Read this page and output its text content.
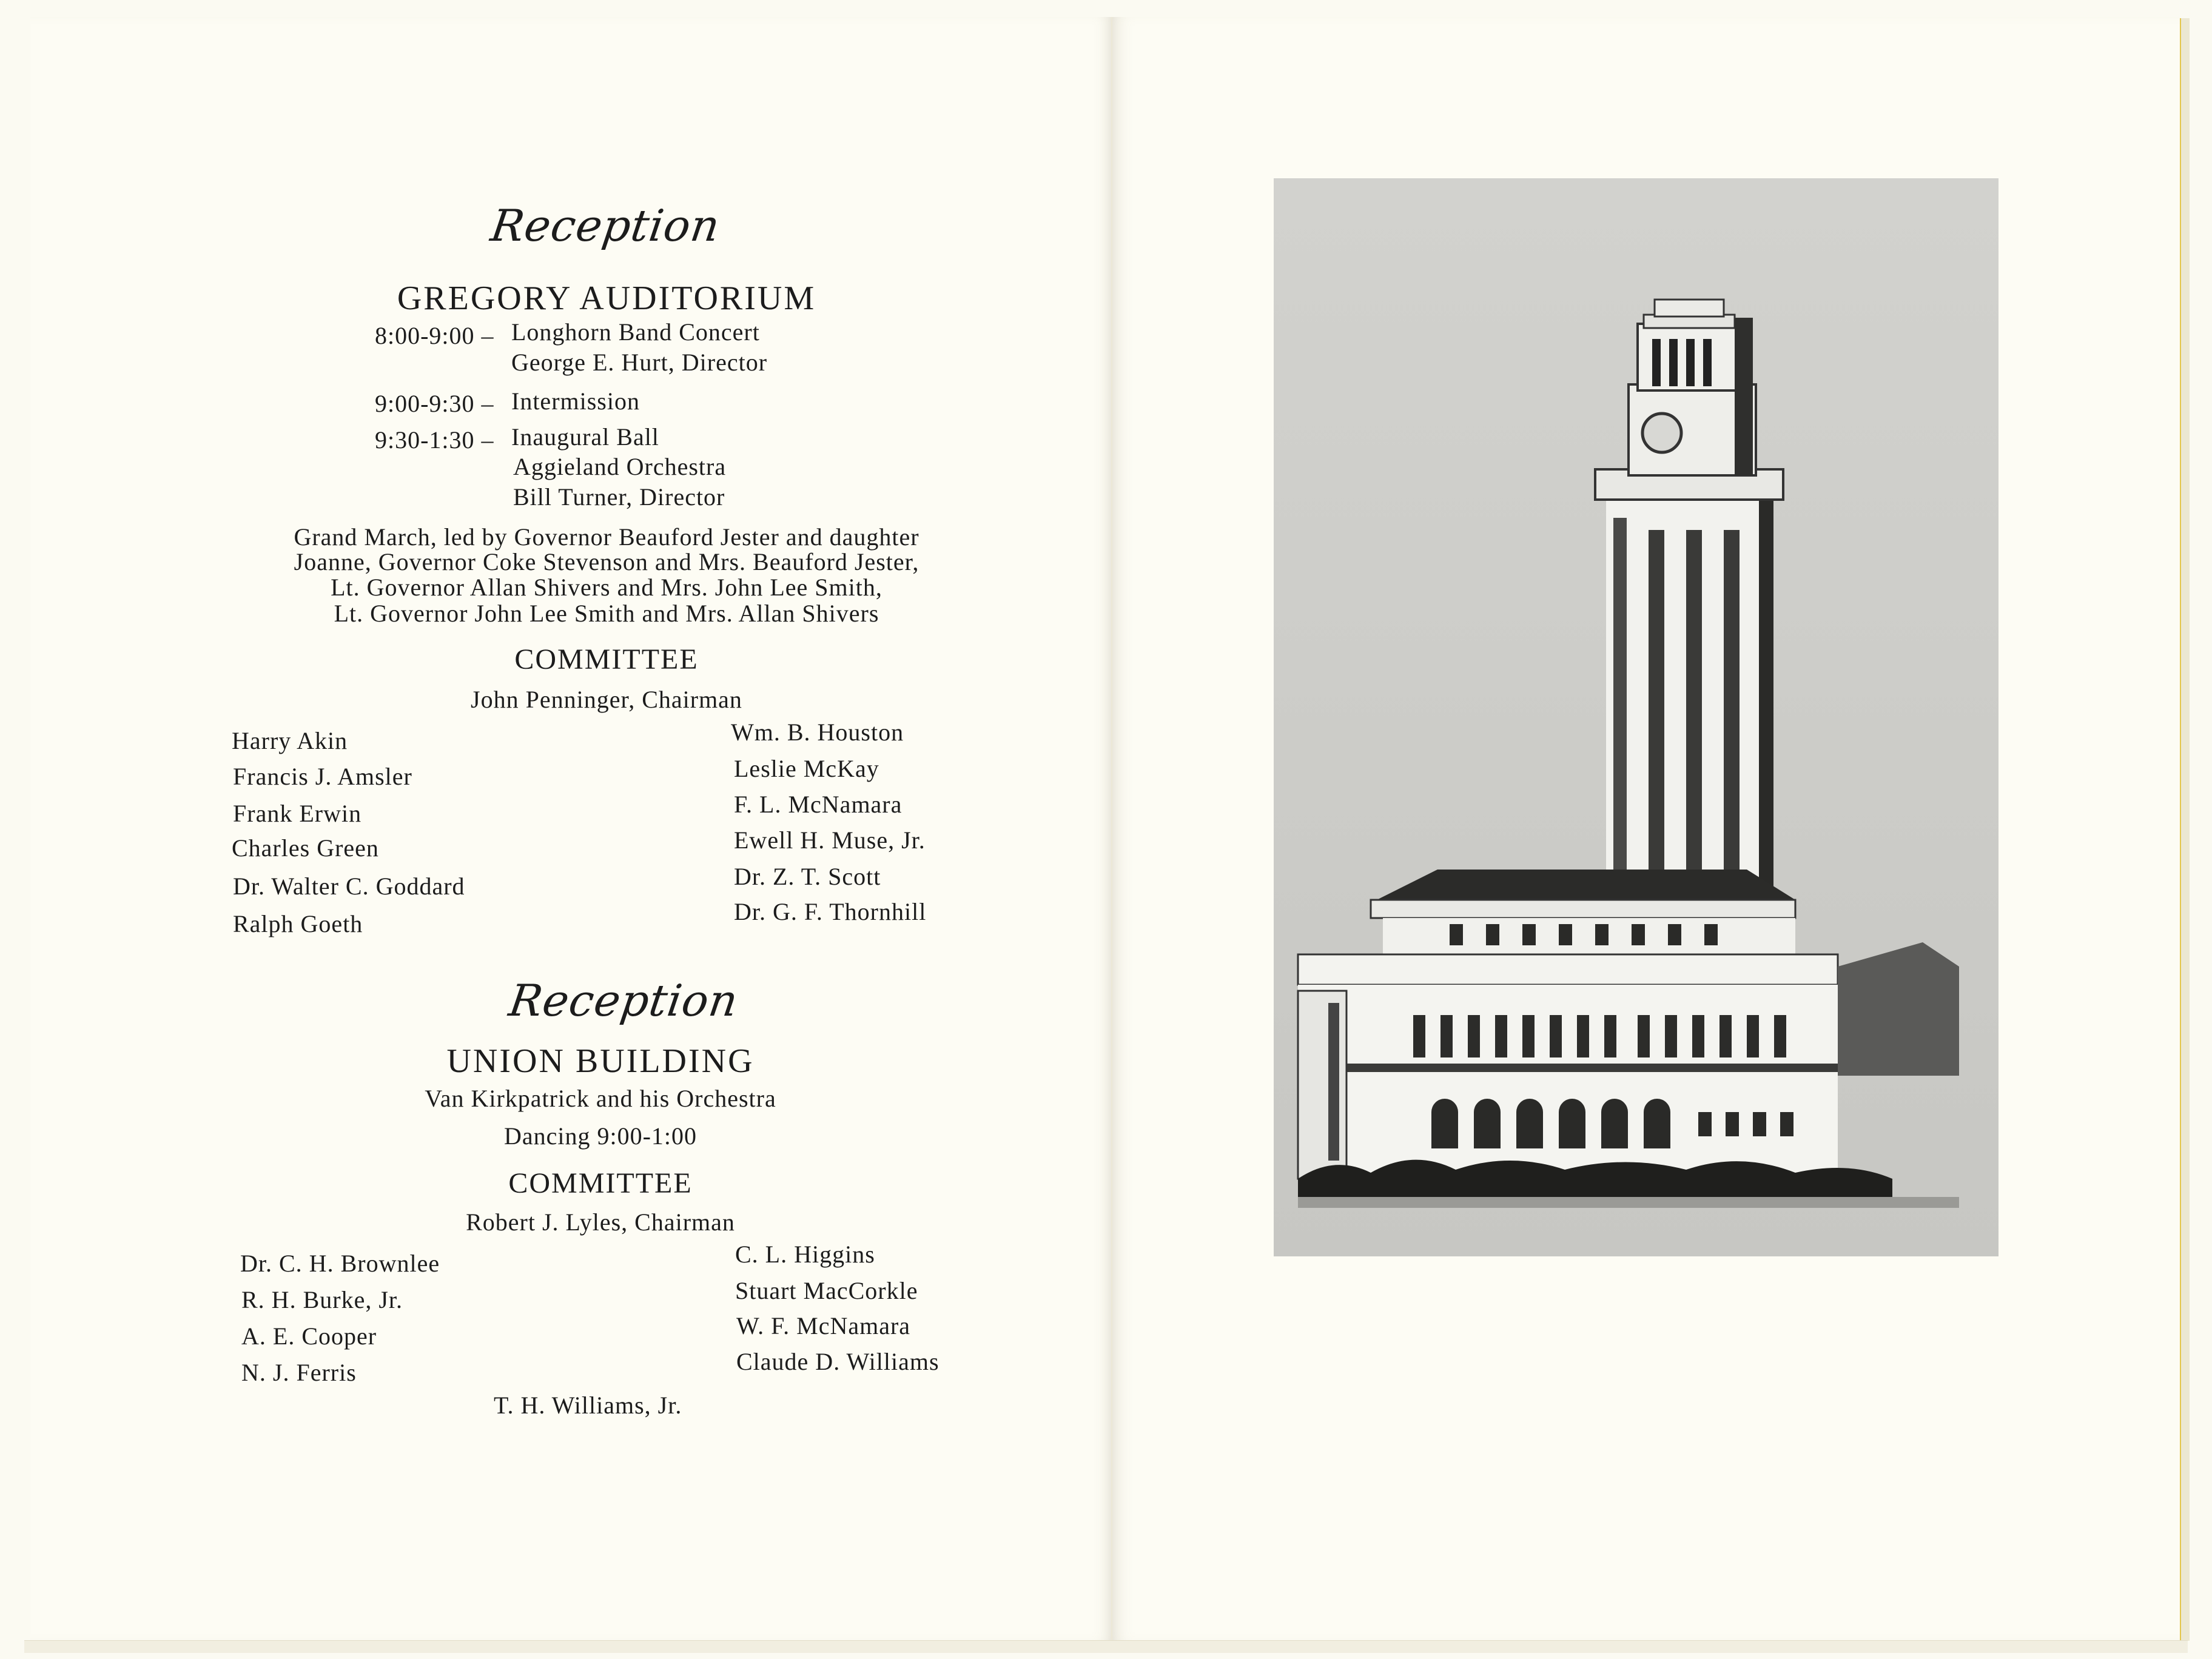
Reception
GREGORY AUDITORIUM
8:00-9:00 – Longhorn Band Concert
George E. Hurt, Director
9:00-9:30 – Intermission
9:30-1:30 – Inaugural Ball
Aggieland Orchestra
Bill Turner, Director
Grand March, led by Governor Beauford Jester and daughter
Joanne, Governor Coke Stevenson and Mrs. Beauford Jester,
Lt. Governor Allan Shivers and Mrs. John Lee Smith,
Lt. Governor John Lee Smith and Mrs. Allan Shivers
COMMITTEE
John Penninger, Chairman
Harry Akin
Francis J. Amsler
Frank Erwin
Charles Green
Dr. Walter C. Goddard
Ralph Goeth
Wm. B. Houston
Leslie McKay
F. L. McNamara
Ewell H. Muse, Jr.
Dr. Z. T. Scott
Dr. G. F. Thornhill
Reception
UNION BUILDING
Van Kirkpatrick and his Orchestra
Dancing 9:00-1:00
COMMITTEE
Robert J. Lyles, Chairman
Dr. C. H. Brownlee
R. H. Burke, Jr.
A. E. Cooper
N. J. Ferris
C. L. Higgins
Stuart MacCorkle
W. F. McNamara
Claude D. Williams
T. H. Williams, Jr.
